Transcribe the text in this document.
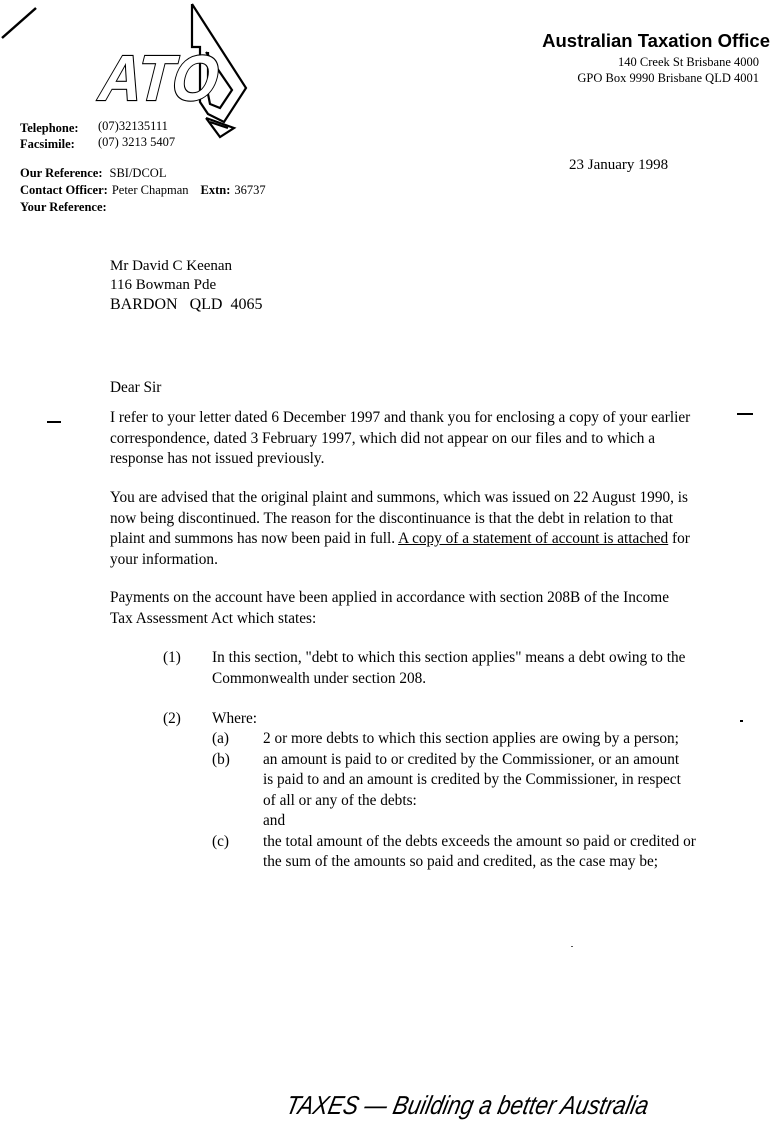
ATO
Australian Taxation Office
140 Creek St Brisbane 4000
GPO Box 9990 Brisbane QLD 4001
Telephone: (07)32135111
Facsimile: (07) 3213 5407
Our Reference: SBI/DCOL
Contact Officer: Peter Chapman Extn: 36737
Your Reference:
23 January 1998
Mr David C Keenan
116 Bowman Pde
BARDON   QLD  4065
Dear Sir

I refer to your letter dated 6 December 1997 and thank you for enclosing a copy of your earlier correspondence, dated 3 February 1997, which did not appear on our files and to which a response has not issued previously.

You are advised that the original plaint and summons, which was issued on 22 August 1990, is now being discontinued. The reason for the discontinuance is that the debt in relation to that plaint and summons has now been paid in full. A copy of a statement of account is attached for your information.

Payments on the account have been applied in accordance with section 208B of the Income Tax Assessment Act which states:

(1) In this section, "debt to which this section applies" means a debt owing to the Commonwealth under section 208.
(2) Where:
(a)	2 or more debts to which this section applies are owing by a person;
(b)	an amount is paid to or credited by the Commissioner, or an amount is paid to and an amount is credited by the Commissioner, in respect of all or any of the debts:
and
(c)	the total amount of the debts exceeds the amount so paid or credited or the sum of the amounts so paid and credited, as the case may be;
TAXES — Building a better Australia
